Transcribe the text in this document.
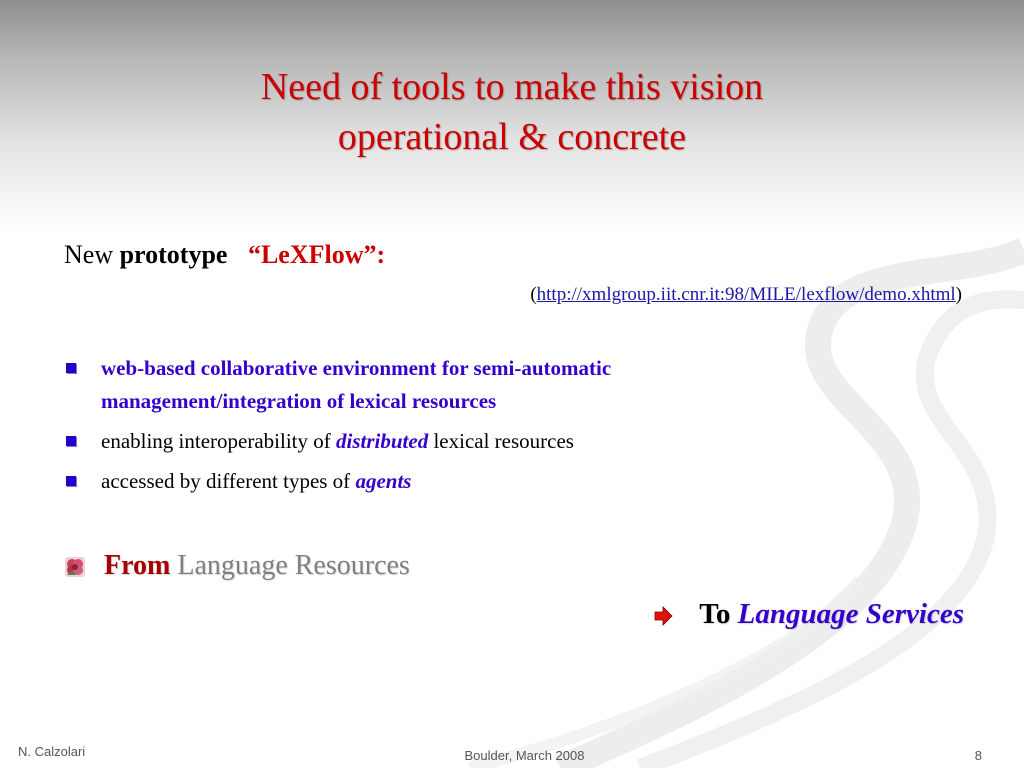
Need of tools to make this vision
operational & concrete
New prototype “LeXFlow”:
(http://xmlgroup.iit.cnr.it:98/MILE/lexflow/demo.xhtml)
web-based collaborative environment for semi-automatic management/integration of lexical resources
enabling interoperability of distributed lexical resources
accessed by different types of agents
From Language Resources
To Language Services
N. Calzolari	Boulder, March 2008	8
